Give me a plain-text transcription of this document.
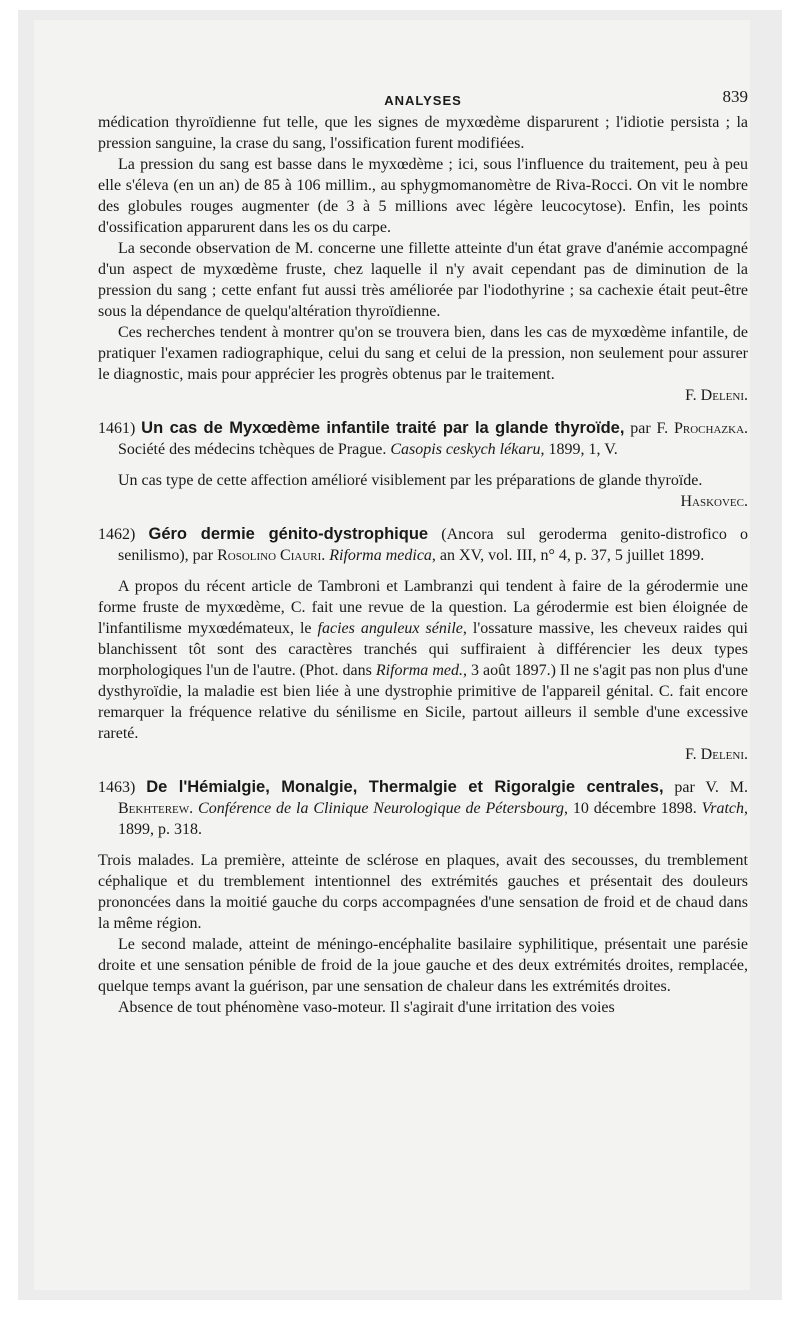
ANALYSES	839

médication thyroïdienne fut telle, que les signes de myxœdème disparurent ; l'idiotie persista ; la pression sanguine, la crase du sang, l'ossification furent modifiées.

La pression du sang est basse dans le myxœdème ; ici, sous l'influence du traitement, peu à peu elle s'éleva (en un an) de 85 à 106 millim., au sphygmomanomètre de Riva-Rocci. On vit le nombre des globules rouges augmenter (de 3 à 5 millions avec légère leucocytose). Enfin, les points d'ossification apparurent dans les os du carpe.

La seconde observation de M. concerne une fillette atteinte d'un état grave d'anémie accompagné d'un aspect de myxœdème fruste, chez laquelle il n'y avait cependant pas de diminution de la pression du sang ; cette enfant fut aussi très améliorée par l'iodothyrine ; sa cachexie était peut-être sous la dépendance de quelqu'altération thyroïdienne.

Ces recherches tendent à montrer qu'on se trouvera bien, dans les cas de myxœdème infantile, de pratiquer l'examen radiographique, celui du sang et celui de la pression, non seulement pour assurer le diagnostic, mais pour apprécier les progrès obtenus par le traitement.

F. Deleni.

1461) Un cas de Myxœdème infantile traité par la glande thyroïde, par F. Prochazka. Société des médecins tchèques de Prague. Casopis ceskych lékaru, 1899, 1, V.

Un cas type de cette affection amélioré visiblement par les préparations de glande thyroïde.

Haskovec.

1462) Géro dermie génito-dystrophique (Ancora sul geroderma genito-distrofico o senilismo), par Rosolino Ciauri. Riforma medica, an XV, vol. III, n° 4, p. 37, 5 juillet 1899.

A propos du récent article de Tambroni et Lambranzi qui tendent à faire de la gérodermie une forme fruste de myxœdème, C. fait une revue de la question. La gérodermie est bien éloignée de l'infantilisme myxœdémateux, le facies anguleux sénile, l'ossature massive, les cheveux raides qui blanchissent tôt sont des caractères tranchés qui suffiraient à différencier les deux types morphologiques l'un de l'autre. (Phot. dans Riforma med., 3 août 1897.) Il ne s'agit pas non plus d'une dysthyroïdie, la maladie est bien liée à une dystrophie primitive de l'appareil génital. C. fait encore remarquer la fréquence relative du sénilisme en Sicile, partout ailleurs il semble d'une excessive rareté.

F. Deleni.

1463) De l'Hémialgie, Monalgie, Thermalgie et Rigoralgie centrales, par V. M. Bekhterew. Conférence de la Clinique Neurologique de Pétersbourg, 10 décembre 1898. Vratch, 1899, p. 318.

Trois malades. La première, atteinte de sclérose en plaques, avait des secousses, du tremblement céphalique et du tremblement intentionnel des extrémités gauches et présentait des douleurs prononcées dans la moitié gauche du corps accompagnées d'une sensation de froid et de chaud dans la même région.

Le second malade, atteint de méningo-encéphalite basilaire syphilitique, présentait une parésie droite et une sensation pénible de froid de la joue gauche et des deux extrémités droites, remplacée, quelque temps avant la guérison, par une sensation de chaleur dans les extrémités droites.

Absence de tout phénomène vaso-moteur. Il s'agirait d'une irritation des voies
